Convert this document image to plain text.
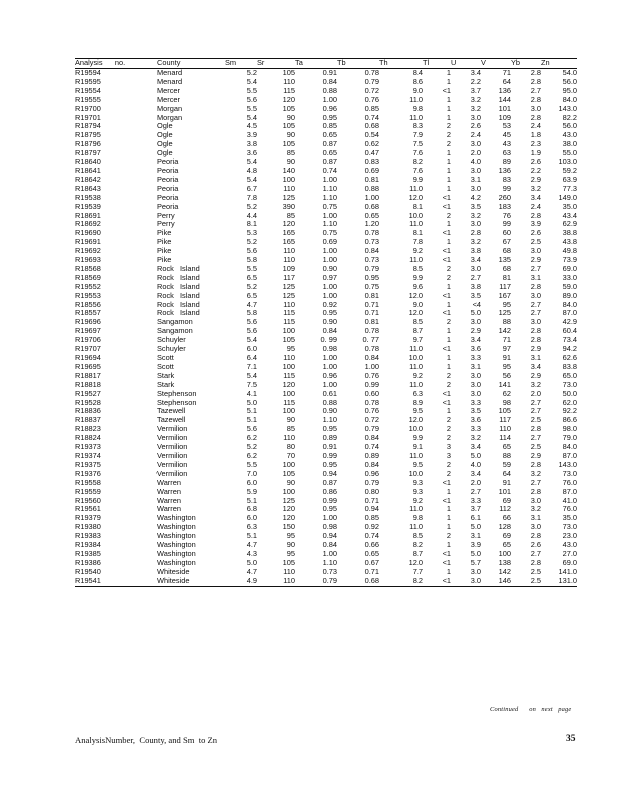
Analysis no.	County	Sm	Sr	Ta	Tb	Th	Tl	U	V	Yb	Zn
R19594	Menard	5.2	105	0.91	0.78	8.4	1	3.4	71	2.8	54.0
R19595	Menard	5.4	110	0.84	0.79	8.6	1	2.2	64	2.8	56.0
R19554	Mercer	5.5	115	0.88	0.72	9.0	<1	3.7	136	2.7	95.0
R19555	Mercer	5.6	120	1.00	0.76	11.0	1	3.2	144	2.8	84.0
R19700	Morgan	5.5	105	0.96	0.85	9.8	1	3.2	101	3.0	143.0
R19701	Morgan	5.4	90	0.95	0.74	11.0	1	3.0	109	2.8	82.2
R18794	Ogle	4.5	105	0.85	0.68	8.3	2	2.6	53	2.4	56.0
R18795	Ogle	3.9	90	0.65	0.54	7.9	2	2.4	45	1.8	43.0
R18796	Ogle	3.8	105	0.87	0.62	7.5	2	3.0	43	2.3	38.0
R18797	Ogle	3.6	85	0.65	0.47	7.6	1	2.0	63	1.9	55.0
R18640	Peoria	5.4	90	0.87	0.83	8.2	1	4.0	89	2.6	103.0
R18641	Peoria	4.8	140	0.74	0.69	7.6	1	3.0	136	2.2	59.2
R18642	Peoria	5.4	100	1.00	0.81	9.9	1	3.1	83	2.9	63.9
R18643	Peoria	6.7	110	1.10	0.88	11.0	1	3.0	99	3.2	77.3
R19538	Peoria	7.8	125	1.10	1.00	12.0	<1	4.2	260	3.4	149.0
R19539	Peoria	5.2	390	0.75	0.68	8.1	<1	3.5	183	2.4	35.0
R18691	Perry	4.4	85	1.00	0.65	10.0	2	3.2	76	2.8	43.4
R18692	Perry	8.1	120	1.10	1.20	11.0	1	3.0	99	3.9	62.9
R19690	Pike	5.3	165	0.75	0.78	8.1	<1	2.8	60	2.6	38.8
R19691	Pike	5.2	165	0.69	0.73	7.8	1	3.2	67	2.5	43.8
R19692	Pike	5.6	110	1.00	0.84	9.2	<1	3.8	68	3.0	49.8
R19693	Pike	5.8	110	1.00	0.73	11.0	<1	3.4	135	2.9	73.9
R18568	Rock   Island	5.5	109	0.90	0.79	8.5	2	3.0	68	2.7	69.0
R18569	Rock   Island	6.5	117	0.97	0.95	9.9	2	2.7	81	3.1	33.0
R19552	Rock   Island	5.2	125	1.00	0.75	9.6	1	3.8	117	2.8	59.0
R19553	Rock   Island	6.5	125	1.00	0.81	12.0	<1	3.5	167	3.0	89.0
R18556	Rock   Island	4.7	110	0.92	0.71	9.0	1	<4	95	2.7	84.0
R18557	Rock   Island	5.8	115	0.95	0.71	12.0	<1	5.0	125	2.7	87.0
R19696	Sangamon	5.6	115	0.90	0.81	8.5	2	3.0	88	3.0	42.9
R19697	Sangamon	5.6	100	0.84	0.78	8.7	1	2.9	142	2.8	60.4
R19706	Schuyler	5.4	105	0. 99	0. 77	9.7	1	3.4	71	2.8	73.4
R19707	Schuyler	6.0	95	0.98	0.78	11.0	<1	3.6	97	2.9	94.2
R19694	Scott	6.4	110	1.00	0.84	10.0	1	3.3	91	3.1	62.6
R19695	Scott	7.1	100	1.00	1.00	11.0	1	3.1	95	3.4	83.8
R18817	Stark	5.4	115	0.96	0.76	9.2	2	3.0	56	2.9	65.0
R18818	Stark	7.5	120	1.00	0.99	11.0	2	3.0	141	3.2	73.0
R19527	Stephenson	4.1	100	0.61	0.60	6.3	<1	3.0	62	2.0	50.0
R19528	Stephenson	5.0	115	0.88	0.78	8.9	<1	3.3	98	2.7	62.0
R18836	Tazewell	5.1	100	0.90	0.76	9.5	1	3.5	105	2.7	92.2
R18837	Tazewell	5.1	90	1.10	0.72	12.0	2	3.6	117	2.5	86.6
R18823	Vermilion	5.6	85	0.95	0.79	10.0	2	3.3	110	2.8	98.0
R18824	Vermilion	6.2	110	0.89	0.84	9.9	2	3.2	114	2.7	79.0
R19373	Vermilion	5.2	80	0.91	0.74	9.1	3	3.4	65	2.5	84.0
R19374	Vermilion	6.2	70	0.99	0.89	11.0	3	5.0	88	2.9	87.0
R19375	Vermilion	5.5	100	0.95	0.84	9.5	2	4.0	59	2.8	143.0
R19376	Vermilion	7.0	105	0.94	0.96	10.0	2	3.4	64	3.2	73.0
R19558	Warren	6.0	90	0.87	0.79	9.3	<1	2.0	91	2.7	76.0
R19559	Warren	5.9	100	0.86	0.80	9.3	1	2.7	101	2.8	87.0
R19560	Warren	5.1	125	0.99	0.71	9.2	<1	3.3	69	3.0	41.0
R19561	Warren	6.8	120	0.95	0.94	11.0	1	3.7	112	3.2	76.0
R19379	Washington	6.0	120	1.00	0.85	9.8	1	6.1	66	3.1	35.0
R19380	Washington	6.3	150	0.98	0.92	11.0	1	5.0	128	3.0	73.0
R19383	Washington	5.1	95	0.94	0.74	8.5	2	3.1	69	2.8	23.0
R19384	Washington	4.7	90	0.84	0.66	8.2	1	3.9	65	2.6	43.0
R19385	Washington	4.3	95	1.00	0.65	8.7	<1	5.0	100	2.7	27.0
R19386	Washington	5.0	105	1.10	0.67	12.0	<1	5.7	138	2.8	69.0
R19540	Whiteside	4.7	110	0.73	0.71	7.7	1	3.0	142	2.5	141.0
R19541	Whiteside	4.9	110	0.79	0.68	8.2	<1	3.0	146	2.5	131.0
Continued      on   next   page
AnalysisNumber,  County, and Sm  to Zn	35
